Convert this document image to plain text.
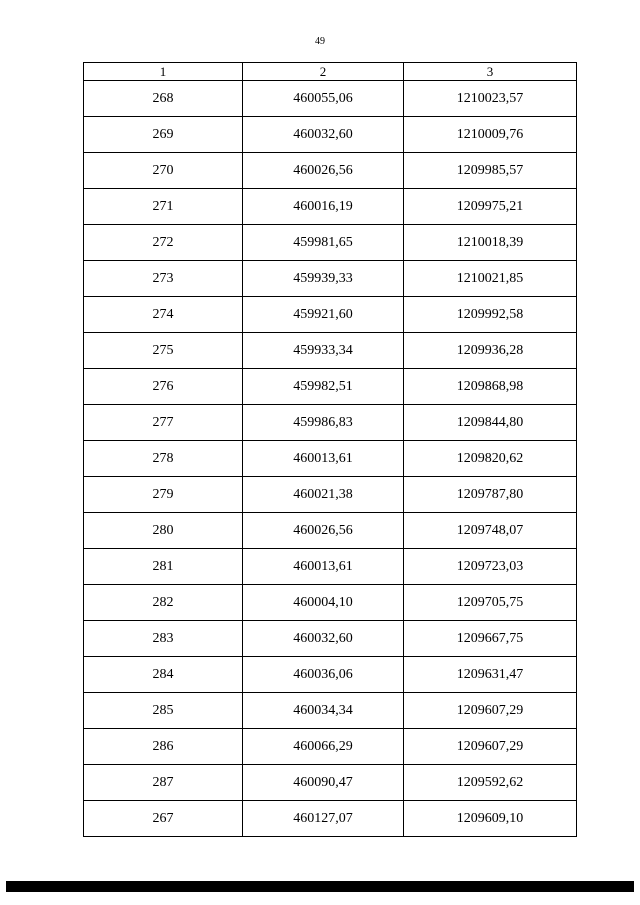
49
1	2	3
268	460055,06	1210023,57
269	460032,60	1210009,76
270	460026,56	1209985,57
271	460016,19	1209975,21
272	459981,65	1210018,39
273	459939,33	1210021,85
274	459921,60	1209992,58
275	459933,34	1209936,28
276	459982,51	1209868,98
277	459986,83	1209844,80
278	460013,61	1209820,62
279	460021,38	1209787,80
280	460026,56	1209748,07
281	460013,61	1209723,03
282	460004,10	1209705,75
283	460032,60	1209667,75
284	460036,06	1209631,47
285	460034,34	1209607,29
286	460066,29	1209607,29
287	460090,47	1209592,62
267	460127,07	1209609,10
